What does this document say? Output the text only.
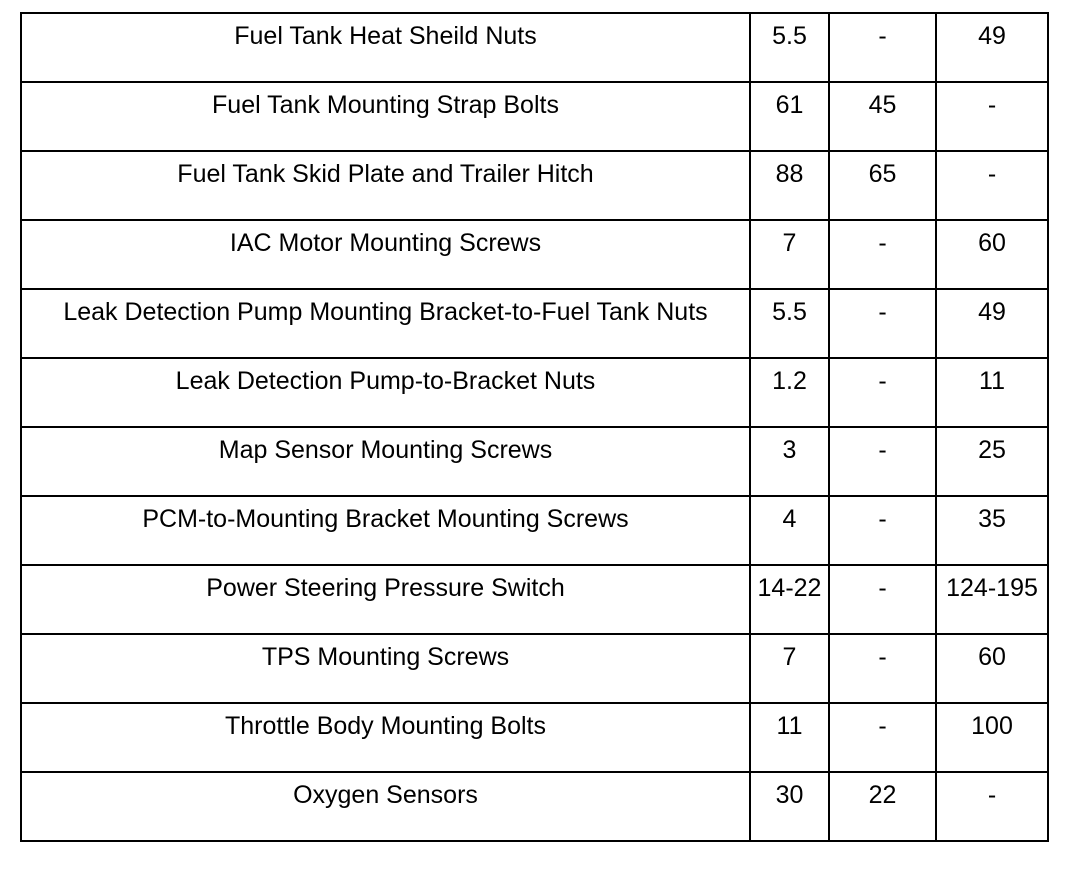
Fuel Tank Heat Sheild Nuts	5.5	-	49

Fuel Tank Mounting Strap Bolts	61	45	-

Fuel Tank Skid Plate and Trailer Hitch	88	65	-

IAC Motor Mounting Screws	7	-	60

Leak Detection Pump Mounting Bracket-to-Fuel Tank Nuts	5.5	-	49

Leak Detection Pump-to-Bracket Nuts	1.2	-	11

Map Sensor Mounting Screws	3	-	25

PCM-to-Mounting Bracket Mounting Screws	4	-	35

Power Steering Pressure Switch	14-22	-	124-195

TPS Mounting Screws	7	-	60

Throttle Body Mounting Bolts	11	-	100

Oxygen Sensors	30	22	-
